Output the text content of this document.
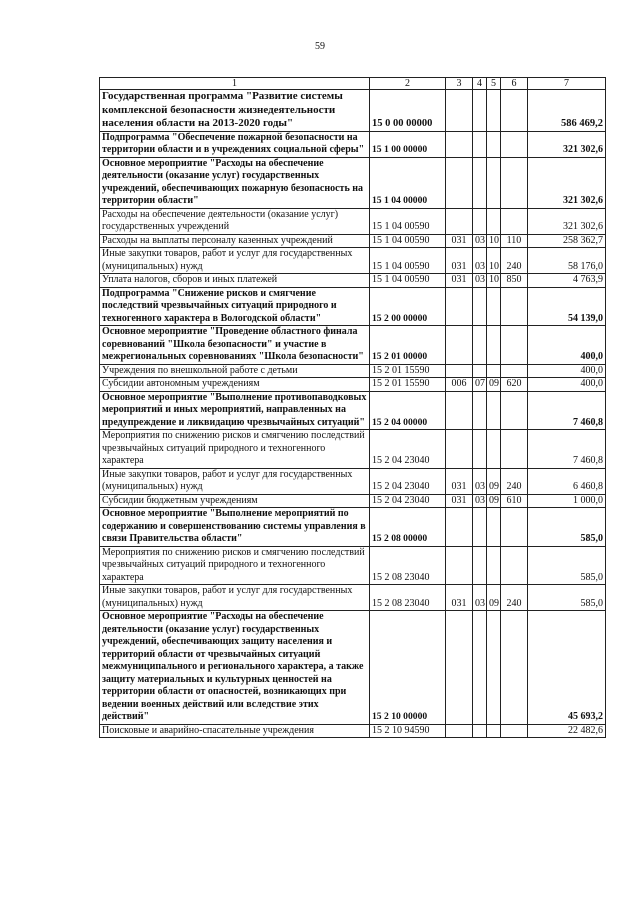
59
1	2	3	4	5	6	7
Государственная программа "Развитие системы комплексной безопасности жизнедеятельности населения области на 2013-2020 годы"	15 0 00 00000					586 469,2
Подпрограмма "Обеспечение пожарной безопасности на территории области и в учреждениях социальной сферы"	15 1 00 00000					321 302,6
Основное мероприятие "Расходы на обеспечение деятельности (оказание услуг) государственных учреждений, обеспечивающих пожарную безопасность на территории области"	15 1 04 00000					321 302,6
Расходы на обеспечение деятельности (оказание услуг) государственных учреждений	15 1 04 00590					321 302,6
Расходы на выплаты персоналу казенных учреждений	15 1 04 00590	031	03	10	110	258 362,7
Иные закупки товаров, работ и услуг для государственных (муниципальных) нужд	15 1 04 00590	031	03	10	240	58 176,0
Уплата налогов, сборов и иных платежей	15 1 04 00590	031	03	10	850	4 763,9
Подпрограмма "Снижение рисков и смягчение последствий чрезвычайных ситуаций природного и техногенного характера в Вологодской области"	15 2 00 00000					54 139,0
Основное мероприятие "Проведение областного финала соревнований "Школа безопасности" и участие в межрегиональных соревнованиях "Школа безопасности"	15 2 01 00000					400,0
Учреждения по внешкольной работе с детьми	15 2 01 15590					400,0
Субсидии автономным учреждениям	15 2 01 15590	006	07	09	620	400,0
Основное мероприятие "Выполнение противопаводковых мероприятий и иных мероприятий, направленных на предупреждение и ликвидацию чрезвычайных ситуаций"	15 2 04 00000					7 460,8
Мероприятия по снижению рисков и смягчению последствий чрезвычайных ситуаций природного и техногенного характера	15 2 04 23040					7 460,8
Иные закупки товаров, работ и услуг для государственных (муниципальных) нужд	15 2 04 23040	031	03	09	240	6 460,8
Субсидии бюджетным учреждениям	15 2 04 23040	031	03	09	610	1 000,0
Основное мероприятие "Выполнение мероприятий по содержанию и совершенствованию системы управления в связи Правительства области"	15 2 08 00000					585,0
Мероприятия по снижению рисков и смягчению последствий чрезвычайных ситуаций природного и техногенного характера	15 2 08 23040					585,0
Иные закупки товаров, работ и услуг для государственных (муниципальных) нужд	15 2 08 23040	031	03	09	240	585,0
Основное мероприятие "Расходы на обеспечение деятельности (оказание услуг) государственных учреждений, обеспечивающих защиту населения и территорий области от чрезвычайных ситуаций межмуниципального и регионального характера, а также защиту материальных и культурных ценностей на территории области от опасностей, возникающих при ведении военных действий или вследствие этих действий"	15 2 10 00000					45 693,2
Поисковые и аварийно-спасательные учреждения	15 2 10 94590					22 482,6
